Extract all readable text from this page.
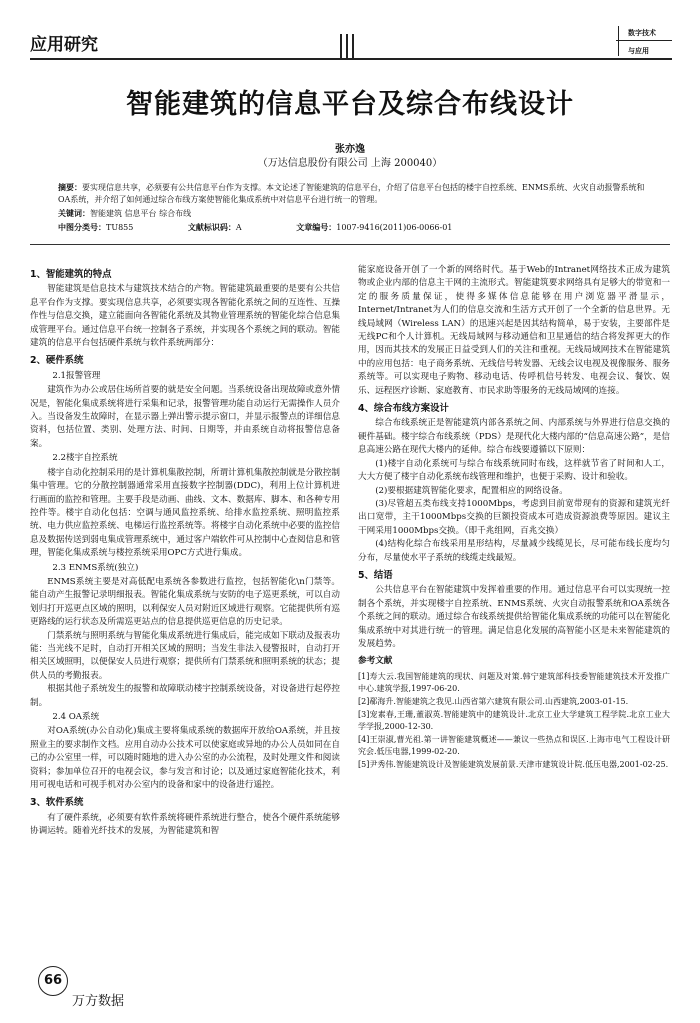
应用研究
数字技术
与应用
智能建筑的信息平台及综合布线设计
张亦逸
（万达信息股份有限公司 上海 200040）
摘要：要实现信息共享，必须要有公共信息平台作为支撑。本文论述了智能建筑的信息平台，介绍了信息平台包括的楼宇自控系统、ENMS系统、火灾自动报警系统和OA系统，并介绍了如何通过综合布线方案使智能化集成系统中对信息平台进行统一的管理。
关键词：智能建筑 信息平台 综合布线
中图分类号：TU855	文献标识码：A	文章编号：1007-9416(2011)06-0066-01
1、智能建筑的特点

智能建筑是信息技术与建筑技术结合的产物。智能建筑最重要的是要有公共信息平台作为支撑。要实现信息共享，必须要实现各智能化系统之间的互连性、互操作性与信息交换，建立能面向各智能化系统及其物业管理系统的智能化综合信息集成管理平台。通过信息平台统一控制各子系统，并实现各个系统之间的联动。智能建筑的信息平台包括硬件系统与软件系统两部分：

2、硬件系统
2.1报警管理

建筑作为办公或居住场所首要的就是安全问题。当系统设备出现故障或意外情况是，智能化集成系统将进行采集和记录，报警管理功能自动运行无需操作人员介入。当设备发生故障时，在显示器上弹出警示提示窗口，并显示报警点的详细信息资料，包括位置、类别、处理方法、时间、日期等，并由系统自动将报警信息备案。

2.2楼宇自控系统

楼宇自动化控制采用的是计算机集散控制，所谓计算机集散控制就是分散控制集中管理。它的分散控制器通常采用直接数字控制器(DDC)，利用上位计算机进行画面的监控和管理。主要手段是动画、曲线、文本、数据库、脚本、和各种专用控件等。楼宇自动化包括：空调与通风监控系统、给排水监控系统、照明监控系统、电力供应监控系统、电梯运行监控系统等。将楼宇自动化系统中必要的监控信息及数据传送到弱电集成管理系统中，通过客户端软件可从控制中心查阅信息和管理，智能化集成系统与楼控系统采用OPC方式进行集成。

2.3 ENMS系统(独立)

ENMS系统主要是对高低配电系统各参数进行监控，包括智能化\n门禁等。能自动产生报警记录明细报表。智能化集成系统与安防的电子巡更系统，可以自动划归打开巡更点区域的照明，以利保安人员对附近区域进行观察。它能提供所有巡更路线的运行状态及所需巡更站点的信息提供巡更信息的历史记录。

门禁系统与照明系统与智能化集成系统进行集成后，能完成如下联动及报表功能：当光线不足时，自动打开相关区域的照明；当发生非法入侵警报时，自动打开相关区域照明，以便保安人员进行观察；提供所有门禁系统和照明系统的状态；提供人员的考勤报表。

根据其他子系统发生的报警和故障联动楼宇控制系统设备，对设备进行起停控制。

2.4 OA系统

对OA系统(办公自动化)集成主要将集成系统的数据库开放给OA系统，并且按照业主的要求制作文档。应用自动办公技术可以使家庭或异地的办公人员如同在自己的办公室里一样，可以随时随地的进入办公室的办公流程，及时处理文件和阅读资料；参加单位召开的电视会议，参与发言和讨论；以及通过家庭智能化技术，利用可视电话和可视手机对办公室内的设备和家中的设备进行遥控。

3、软件系统

有了硬件系统，必须要有软件系统将硬件系统进行整合，使各个硬件系统能够协调运转。随着光纤技术的发展，为智能建筑和智

能家庭设备开创了一个新的网络时代。基于Web的Intranet网络技术正成为建筑物或企业内部的信息主干网的主流形式。智能建筑要求网络具有足够大的带宽和一定的服务质量保证，使得多媒体信息能够在用户浏览器平滑显示，Internet/Intranet为人们的信息交流和生活方式开创了一个全新的信息世界。无线局域网（Wireless LAN）的迅速兴起是因其结构简单，易于安装，主要部件是无线PC和个人计算机。无线局域网与移动通信和卫星通信的结合将发挥更大的作用，因而其技术的发展正日益受到人们的关注和重视。无线局域网技术在智能建筑中的应用包括：电子商务系统、无线信号转发器、无线会议电视及视像服务、服务系统等。可以实现电子购物、移动电话、传呼机信号转发、电视会议、餐饮、娱乐、远程医疗诊断、家庭教育、市民求助等服务的无线局域网的连接。

4、综合布线方案设计

综合布线系统正是智能建筑内部各系统之间、内部系统与外界进行信息交换的硬件基础。楼宇综合布线系统（PDS）是现代化大楼内部的“信息高速公路”，是信息高速公路在现代大楼内的延伸。综合布线要遵循以下原则：

(1)楼宇自动化系统可与综合布线系统同时布线，这样就节省了时间和人工，大大方便了楼宇自动化系统布线管理和维护，也便于采购、设计和验收。

(2)要根据建筑智能化要求，配置相应的网络设备。

(3)尽管超五类布线支持1000Mbps，考虑到目前宽带现有的资源和建筑光纤出口宽带，主干1000Mbps交换的巨额投资成本可造成资源浪费等原因。建议主干网采用1000Mbps交换。（即千兆组网，百兆交换）

(4)结构化综合布线采用星形结构，尽量减少线缆见长，尽可能布线长度均匀分布，尽量使水平子系统的线缆走线最短。

5、结语

公共信息平台在智能建筑中发挥着重要的作用。通过信息平台可以实现统一控制各个系统，并实现楼宇自控系统、ENMS系统、火灾自动报警系统和OA系统各个系统之间的联动。通过综合布线系统提供给智能化集成系统的功能可以在智能化集成系统中对其进行统一的管理。满足信息化发展的高智能小区是未来智能建筑的发展趋势。

参考文献

[1]寿大云.我国智能建筑的现状、问题及对策.韩宁建筑部科技委智能建筑技术开发推广中心.建筑学报,1997-06-20.

[2]郗海升.智能建筑之我见.山西省第六建筑有限公司.山西建筑,2003-01-15.

[3]宠素春,王珊,董淑英.智能建筑中的建筑设计.北京工业大学建筑工程学院.北京工业大学学报,2000-12-30.

[4]王崇淑,曹光祖.第一讲智能建筑概述——兼议一些热点和误区.上海市电气工程设计研究会.低压电器,1999-02-20.

[5]尹秀伟.智能建筑设计及智能建筑发展前景.天津市建筑设计院.低压电器,2001-02-25.

66
万方数据
